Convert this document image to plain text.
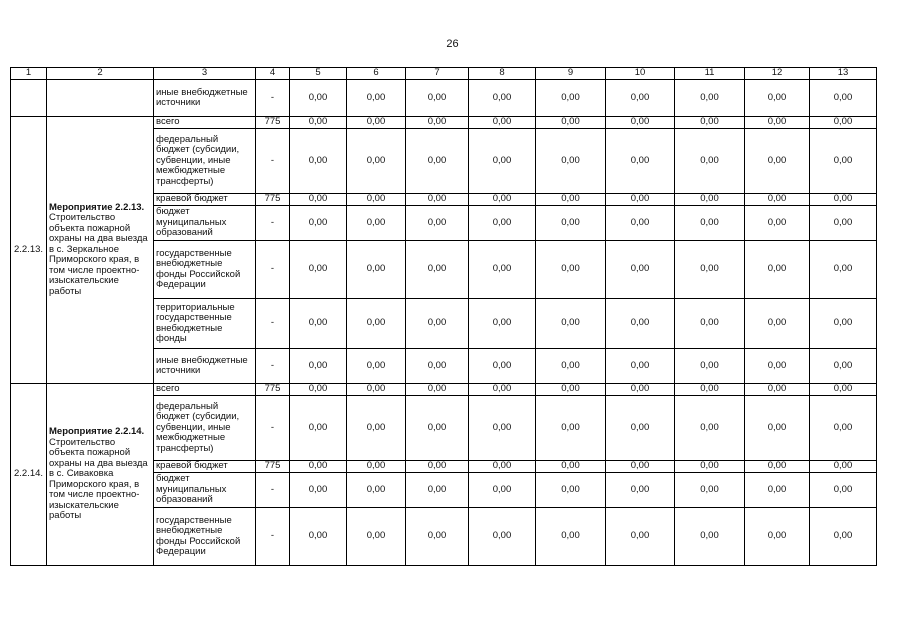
26
1	2	3	4	5	6	7	8	9	10	11	12	13
		иные внебюджетные источники	-	0,00	0,00	0,00	0,00	0,00	0,00	0,00	0,00	0,00
2.2.13.	Мероприятие 2.2.13.
Строительство объекта пожарной охраны на два выезда в с. Зеркальное Приморского края, в том числе проектно-изыскательские работы	всего	775	0,00	0,00	0,00	0,00	0,00	0,00	0,00	0,00	0,00
		федеральный бюджет (субсидии, субвенции, иные межбюджетные трансферты)	-	0,00	0,00	0,00	0,00	0,00	0,00	0,00	0,00	0,00
		краевой бюджет	775	0,00	0,00	0,00	0,00	0,00	0,00	0,00	0,00	0,00
		бюджет муниципальных образований	-	0,00	0,00	0,00	0,00	0,00	0,00	0,00	0,00	0,00
		государственные внебюджетные фонды Российской Федерации	-	0,00	0,00	0,00	0,00	0,00	0,00	0,00	0,00	0,00
		территориальные государственные внебюджетные фонды	-	0,00	0,00	0,00	0,00	0,00	0,00	0,00	0,00	0,00
		иные внебюджетные источники	-	0,00	0,00	0,00	0,00	0,00	0,00	0,00	0,00	0,00
2.2.14.	Мероприятие 2.2.14.
Строительство объекта пожарной охраны на два выезда в с. Сиваковка Приморского края, в том числе проектно-изыскательские работы	всего	775	0,00	0,00	0,00	0,00	0,00	0,00	0,00	0,00	0,00
		федеральный бюджет (субсидии, субвенции, иные межбюджетные трансферты)	-	0,00	0,00	0,00	0,00	0,00	0,00	0,00	0,00	0,00
		краевой бюджет	775	0,00	0,00	0,00	0,00	0,00	0,00	0,00	0,00	0,00
		бюджет муниципальных образований	-	0,00	0,00	0,00	0,00	0,00	0,00	0,00	0,00	0,00
		государственные внебюджетные фонды Российской Федерации	-	0,00	0,00	0,00	0,00	0,00	0,00	0,00	0,00	0,00
